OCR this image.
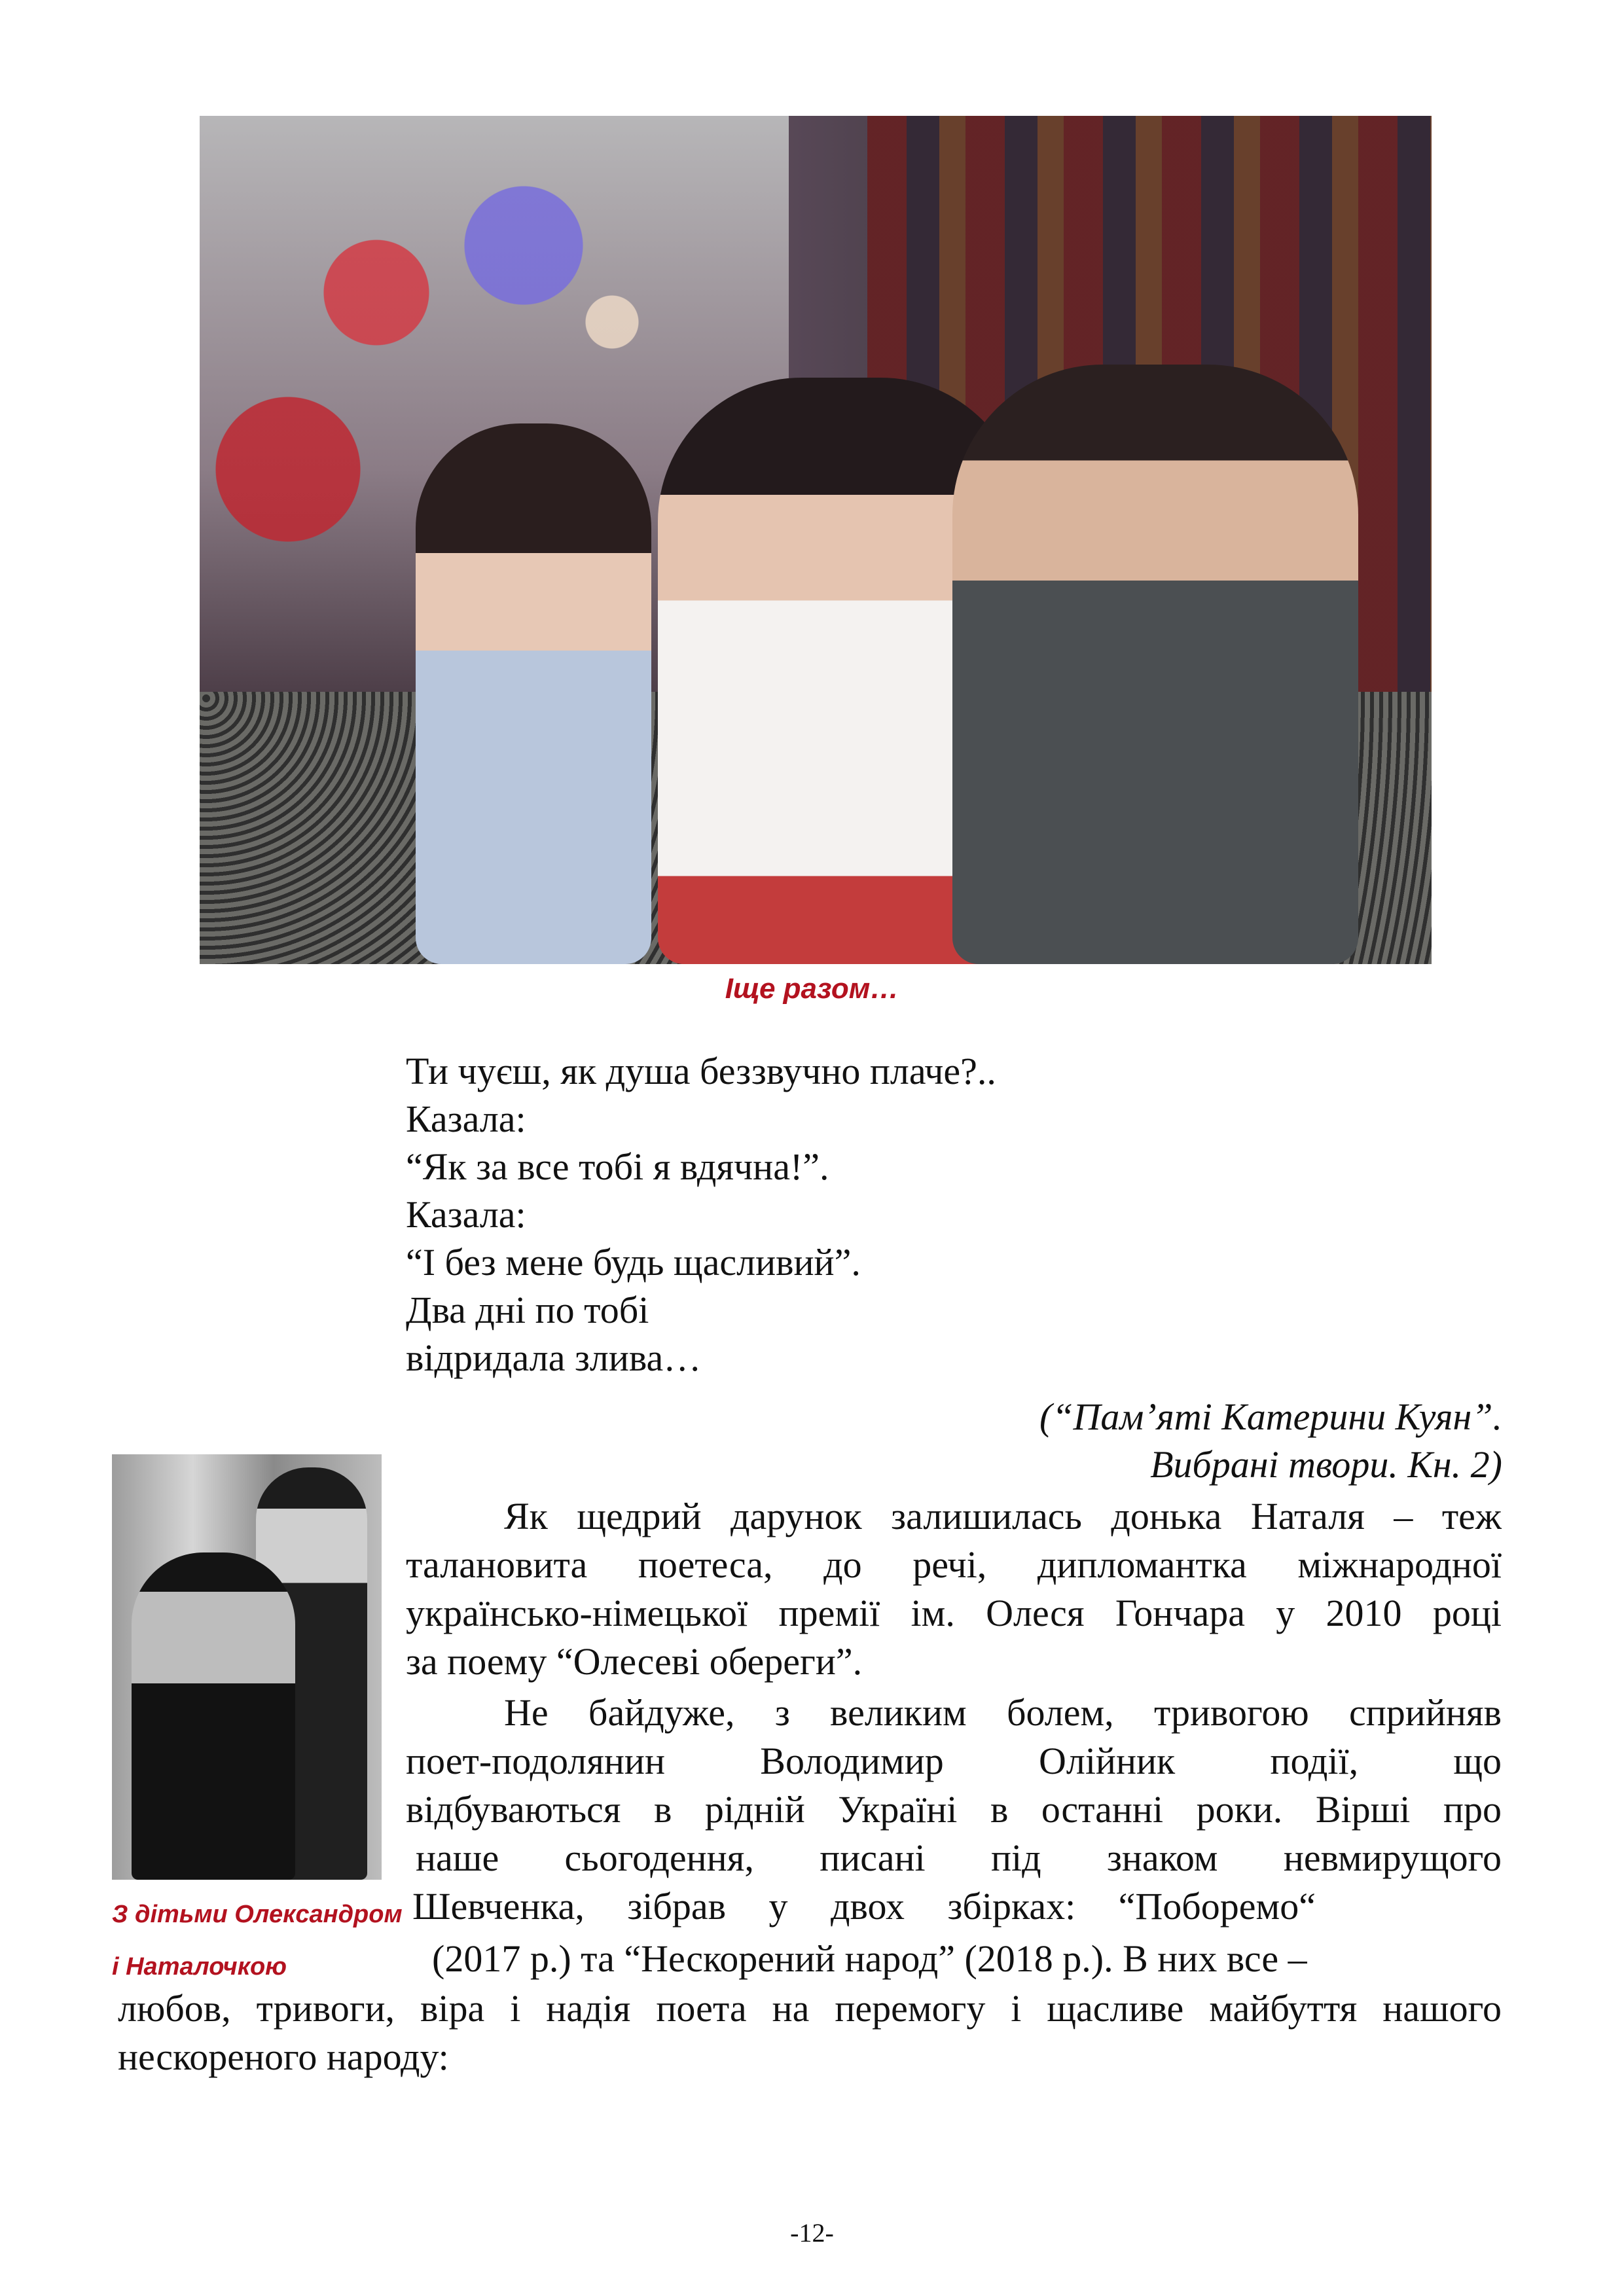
Іще разом…
Ти чуєш, як душа беззвучно плаче?..
Казала:
“Як за все тобі я вдячна!”.
Казала:
“І без мене будь щасливий”.
Два дні по тобі
відридала злива…
(“Пам’яті Катерини Куян”.
Вибрані твори. Кн. 2)
З дітьми Олександром
і Наталочкою
Як щедрий дарунок залишилась донька Наталя – теж
талановита поетеса, до речі, дипломантка міжнародної
українсько-німецької премії ім. Олеся Гончара у 2010 році
за поему “Олесеві обереги”.
Не байдуже, з великим болем, тривогою сприйняв
поет-подолянин Володимир Олійник події, що
відбуваються в рідній Україні в останні роки. Вірші про
наше сьогодення, писані під знаком невмирущого
Шевченка, зібрав у двох збірках: “Поборемо“
(2017 р.) та “Нескорений народ” (2018 р.). В них все –
любов, тривоги, віра і надія поета на перемогу і щасливе майбуття нашого
нескореного народу:
-12-
